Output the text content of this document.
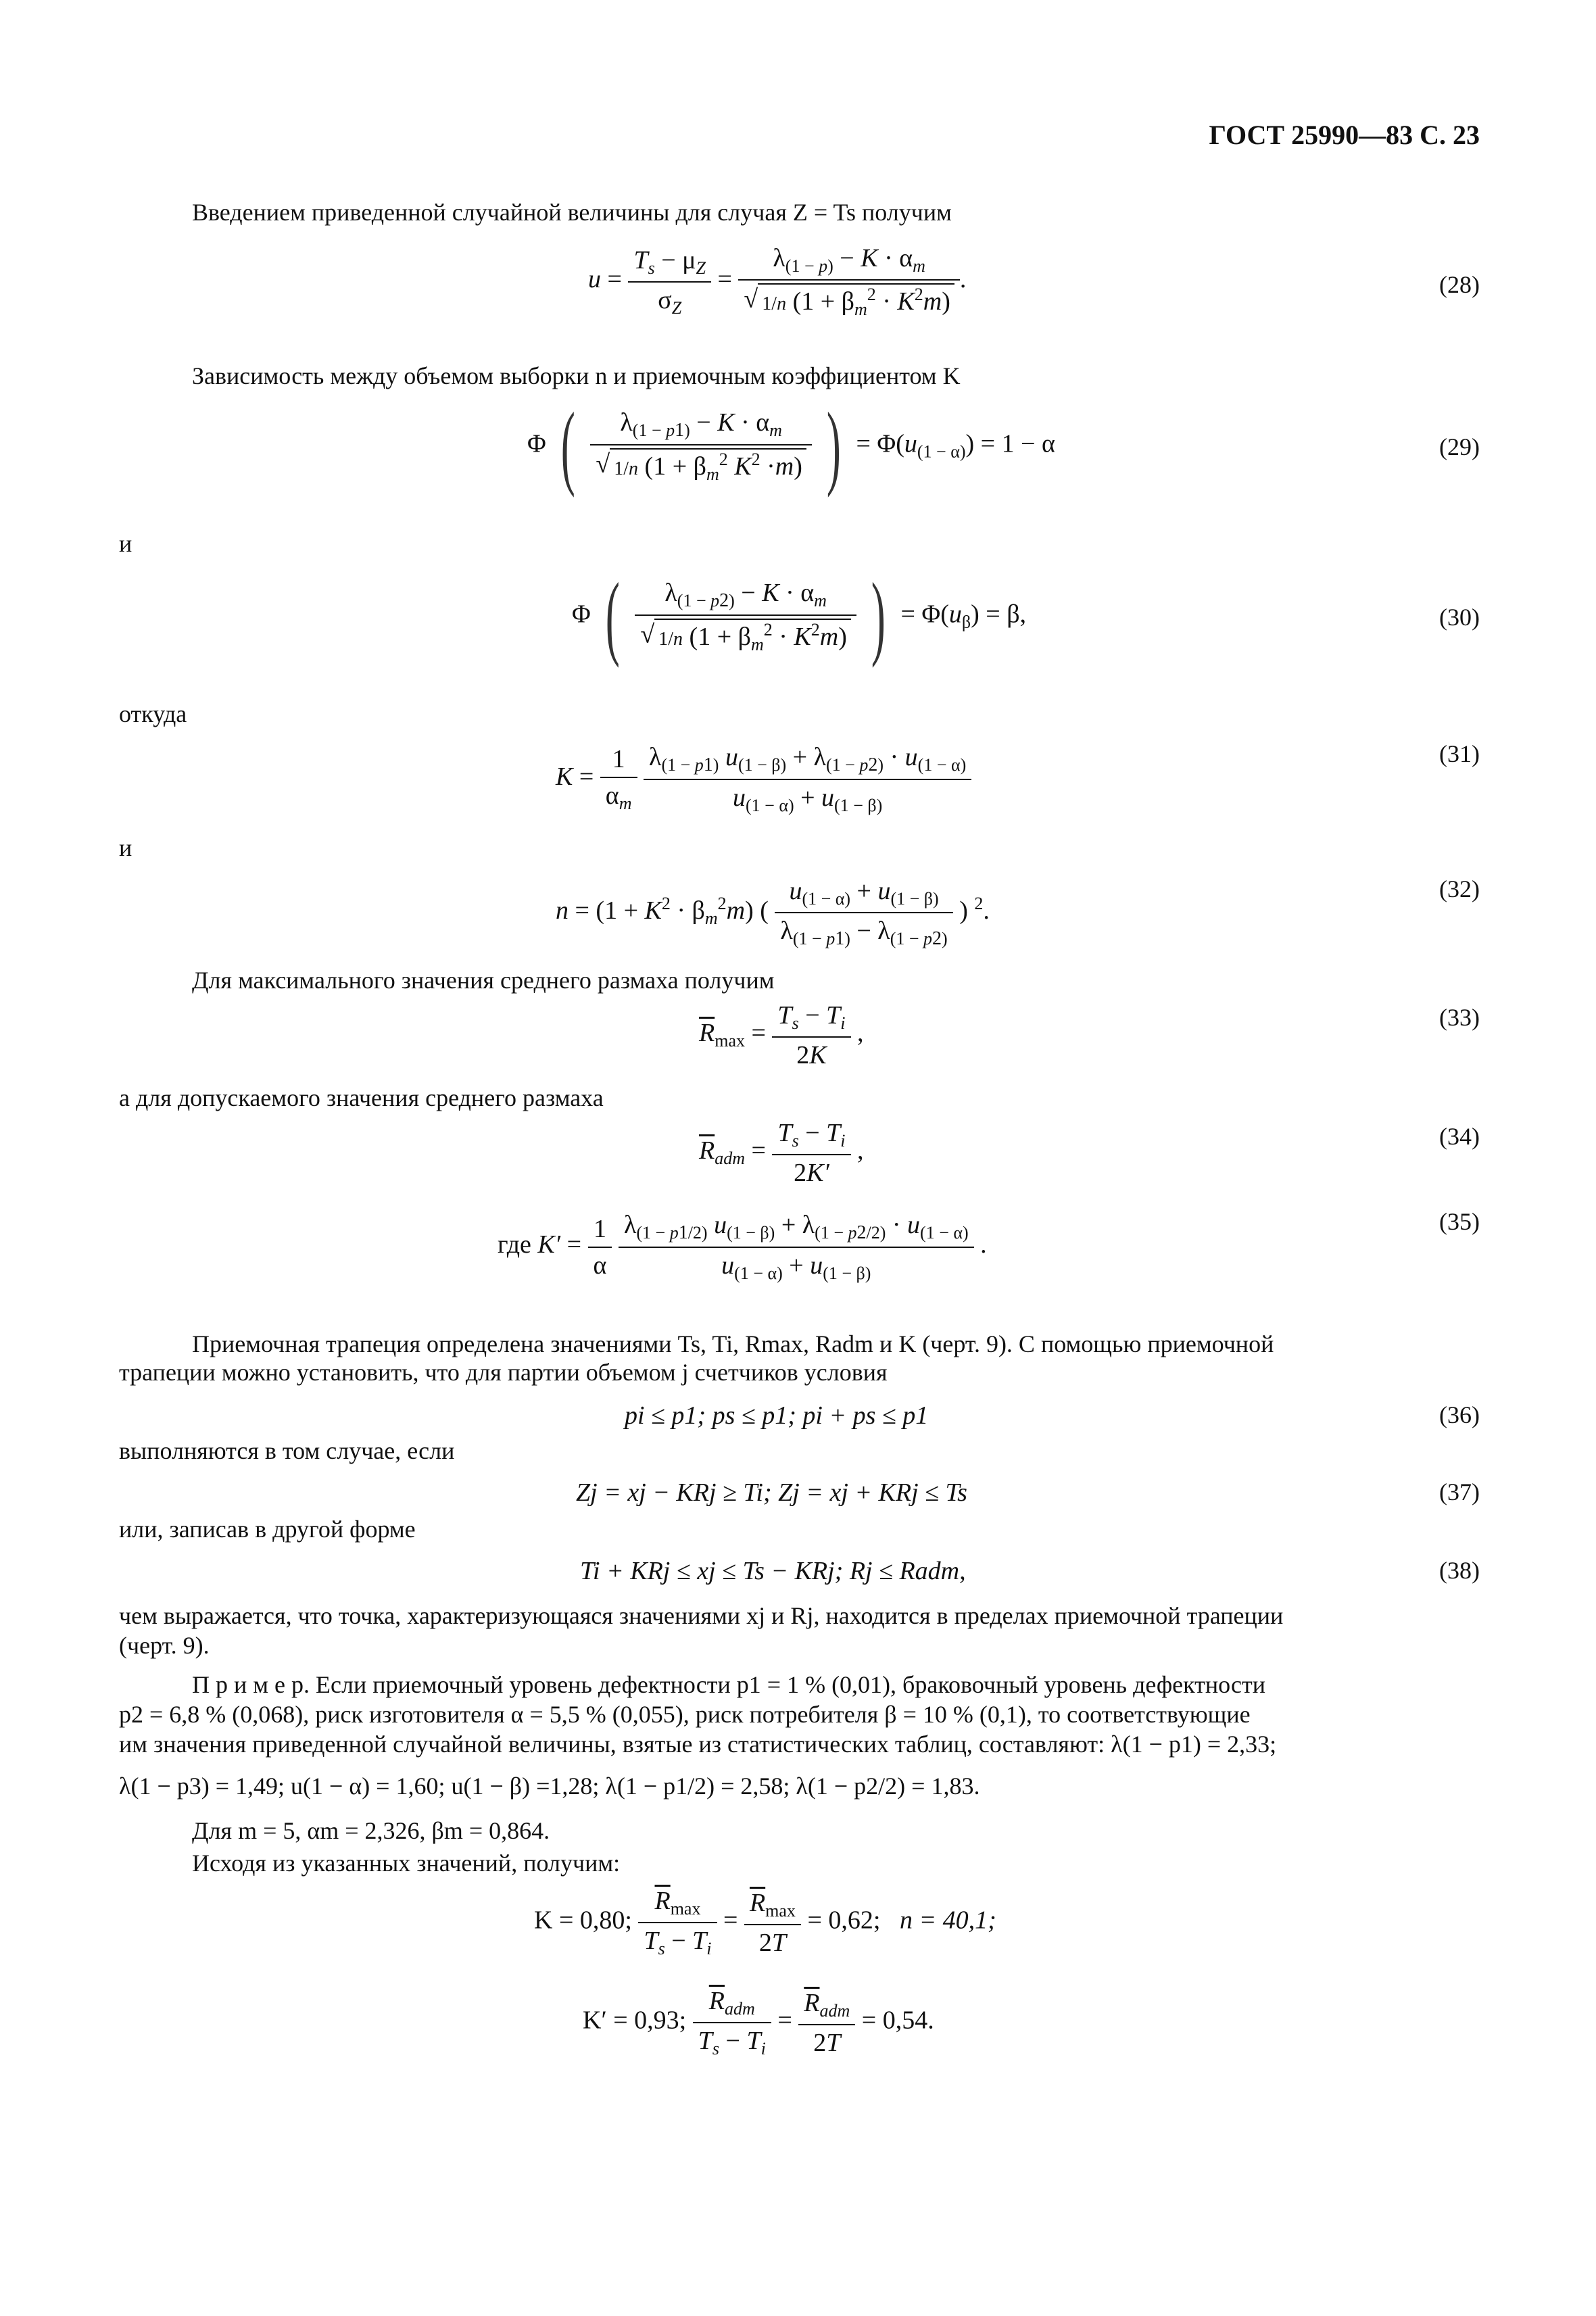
ГОСТ 25990—83 С. 23
Введением приведенной случайной величины для случая Z = Ts получим
$u = \frac{T_s - \mu_Z}{\sigma_Z} = \frac{\lambda_{(1 - p)} - K \cdot \alpha_m}{√ 1/n (1 + \beta_m^2 \cdot K^2m)}$ .	(28)
Зависимость между объемом выборки n и приемочным коэффициентом K
Φ ( $\frac{\lambda_{(1 - p1)} - K \cdot \alpha_m}{√ 1/n (1 + \beta_m^2 K^2 \cdot m)}$ ) = $\Phi(u_{(1 - \alpha)}) = 1 - \alpha$	(29)
и
Φ ( $\frac{\lambda_{(1 - p2)} - K \cdot \alpha_m}{√ 1/n (1 + \beta_m^2 \cdot K^2m)}$ ) = $\Phi(u_\beta) = \beta$,	(30)
откуда
$K = \frac{1}{\alpha_m}$
$\frac{\lambda_{(1 - p1)} u_{(1 - \beta)} + \lambda_{(1 - p2)} \cdot u_{(1 - \alpha)}}{u_{(1 - \alpha)} + u_{(1 - \beta)}}$	(31)
и
$n = (1 + K^2 \cdot \beta_m^2m)$ ( $\frac{u_{(1 - \alpha)} + u_{(1 - \beta)}}{\lambda_{(1 - p1)} - \lambda_{(1 - p2)}}$ ) $^2$.
(32)
Для максимального значения среднего размаха получим
$\overline{R}_{max} = \frac{T_s - T_i}{2K}$ ,
(33)
а для допускаемого значения среднего размаха
$\overline{R}_{adm} = \frac{T_s - T_i}{2K'}$ ,
(34)
где $K' = \frac{1}{\alpha}$
$\frac{\lambda_{(1 - p1/2)} u_{(1 - \beta)} + \lambda_{(1 - p2/2)} \cdot u_{(1 - \alpha)}}{u_{(1 - \alpha)} + u_{(1 - \beta)}}$ .
(35)
Приемочная трапеция определена значениями Ts, Ti, Rmax, Radm и K (черт. 9). С помощью приемочной
трапеции можно установить, что для партии объемом j счетчиков условия
pi ≤ p1; ps ≤ p1; pi + ps ≤ p1	(36)
выполняются в том случае, если
Zj = xj − KRj ≥ Ti; Zj = xj + KRj ≤ Ts	(37)
или, записав в другой форме
Ti + KRj ≤ xj ≤ Ts − KRj; Rj ≤ Radm,	(38)
чем выражается, что точка, характеризующаяся значениями xj и Rj, находится в пределах приемочной трапеции
(черт. 9).
П р и м е р. Если приемочный уровень дефектности p1 = 1 % (0,01), браковочный уровень дефектности
p2 = 6,8 % (0,068), риск изготовителя α = 5,5 % (0,055), риск потребителя β = 10 % (0,1), то соответствующие
им значения приведенной случайной величины, взятые из статистических таблиц, составляют: λ(1 − p1) = 2,33;
λ(1 − p3) = 1,49; u(1 − α) = 1,60; u(1 − β) =1,28; λ(1 − p1/2) = 2,58; λ(1 − p2/2) = 1,83.
Для m = 5, αm = 2,326, βm = 0,864.
Исходя из указанных значений, получим:
K = 0,80; $\frac{\overline{R}_{max}}{T_s - T_i} = \frac{\overline{R}_{max}}{2T} = 0,62$; n = 40,1;
K′ = 0,93; $\frac{\overline{R}_{adm}}{T_s - T_i} = \frac{\overline{R}_{adm}}{2T} = 0,54$.
